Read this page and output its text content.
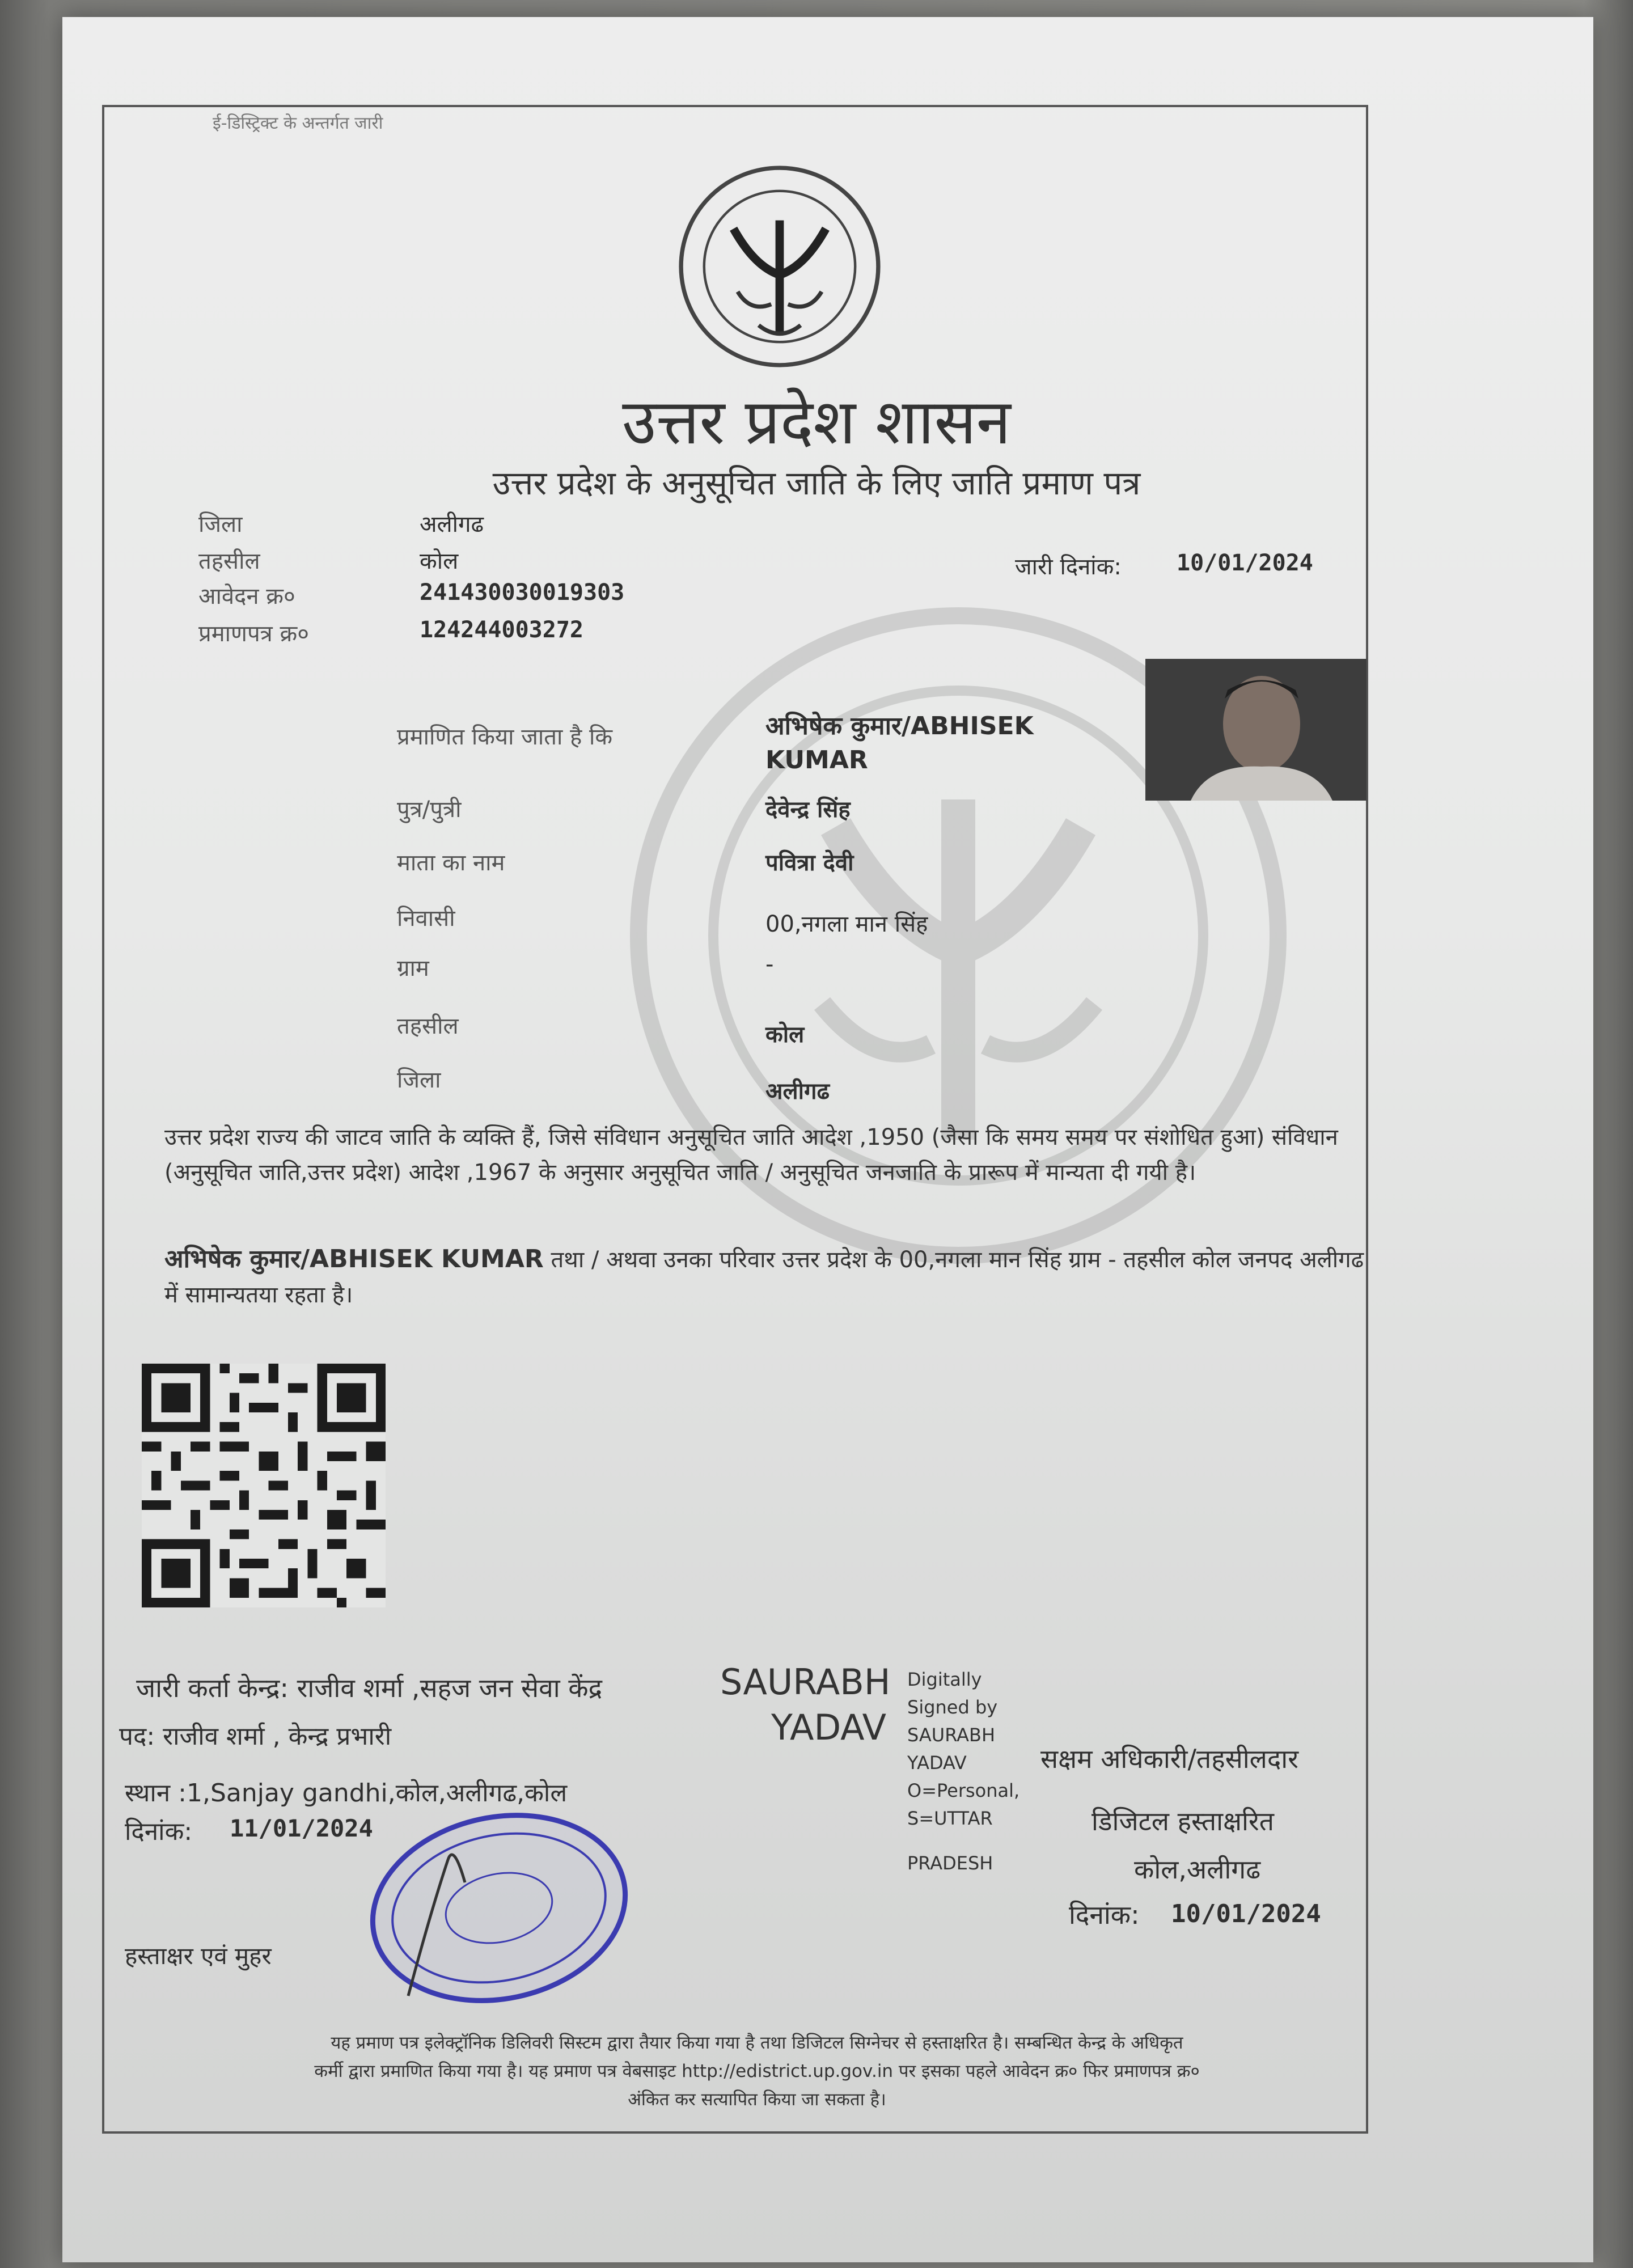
ई-डिस्ट्रिक्ट के अन्तर्गत जारी
उत्तर प्रदेश शासन
उत्तर प्रदेश के अनुसूचित जाति के लिए जाति प्रमाण पत्र
जिला	अलीगढ
तहसील	कोल
आवेदन क्र०	241430030019303
प्रमाणपत्र क्र०	124244003272
जारी दिनांक: 10/01/2024
प्रमाणित किया जाता है कि	अभिषेक कुमार/ABHISEK
KUMAR
पुत्र/पुत्री	देवेन्द्र सिंह
माता का नाम	पवित्रा देवी
निवासी	00,नगला मान सिंह
ग्राम	-
तहसील	कोल
जिला	अलीगढ
उत्तर प्रदेश राज्य की जाटव जाति के व्यक्ति हैं, जिसे संविधान अनुसूचित जाति आदेश ,1950 (जैसा कि समय समय पर संशोधित हुआ) संविधान (अनुसूचित जाति,उत्तर प्रदेश) आदेश ,1967 के अनुसार अनुसूचित जाति / अनुसूचित जनजाति के प्रारूप में मान्यता दी गयी है।
अभिषेक कुमार/ABHISEK KUMAR तथा / अथवा उनका परिवार उत्तर प्रदेश के 00,नगला मान सिंह ग्राम - तहसील कोल जनपद अलीगढ में सामान्यतया रहता है।
जारी कर्ता केन्द्र: राजीव शर्मा ,सहज जन सेवा केंद्र
पद: राजीव शर्मा , केन्द्र प्रभारी
स्थान :1,Sanjay gandhi,कोल,अलीगढ,कोल
दिनांक: 11/01/2024
हस्ताक्षर एवं मुहर
SAURABH
YADAV
Digitally
Signed by
SAURABH
YADAV
O=Personal,
S=UTTAR
PRADESH
सक्षम अधिकारी/तहसीलदार
डिजिटल हस्ताक्षरित
कोल,अलीगढ
दिनांक: 10/01/2024
यह प्रमाण पत्र इलेक्ट्रॉनिक डिलिवरी सिस्टम द्वारा तैयार किया गया है तथा डिजिटल सिग्नेचर से हस्ताक्षरित है। सम्बन्धित केन्द्र के अधिकृत
कर्मी द्वारा प्रमाणित किया गया है। यह प्रमाण पत्र वेबसाइट http://edistrict.up.gov.in पर इसका पहले आवेदन क्र० फिर प्रमाणपत्र क्र०
अंकित कर सत्यापित किया जा सकता है।
